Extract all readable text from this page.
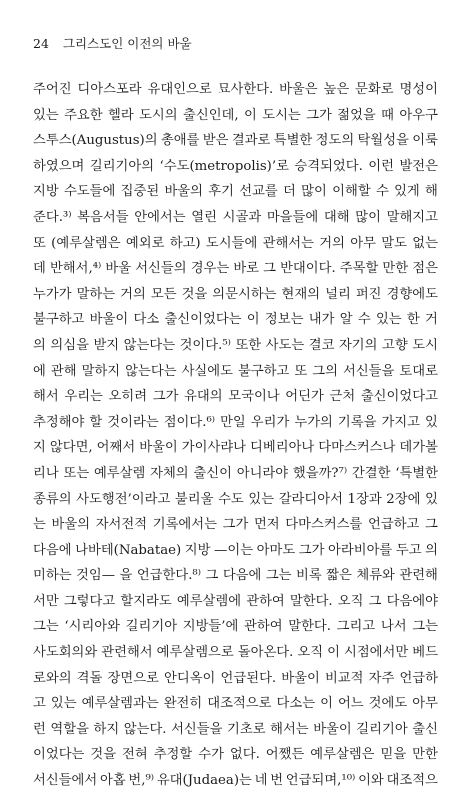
24 그리스도인 이전의 바울
주어진 디아스포라 유대인으로 묘사한다. 바울은 높은 문화로 명성이
있는 주요한 헬라 도시의 출신인데, 이 도시는 그가 젊었을 때 아우구
스투스(Augustus)의 총애를 받은 결과로 특별한 정도의 탁월성을 이룩
하였으며 길리기아의 ‘수도(metropolis)’로 승격되었다. 이런 발전은
지방 수도들에 집중된 바울의 후기 선교를 더 많이 이해할 수 있게 해
준다.³⁾ 복음서들 안에서는 열린 시골과 마을들에 대해 많이 말해지고
또 (예루살렘은 예외로 하고) 도시들에 관해서는 거의 아무 말도 없는
데 반해서,⁴⁾ 바울 서신들의 경우는 바로 그 반대이다. 주목할 만한 점은
누가가 말하는 거의 모든 것을 의문시하는 현재의 널리 퍼진 경향에도
불구하고 바울이 다소 출신이었다는 이 정보는 내가 알 수 있는 한 거
의 의심을 받지 않는다는 것이다.⁵⁾ 또한 사도는 결코 자기의 고향 도시
에 관해 말하지 않는다는 사실에도 불구하고 또 그의 서신들을 토대로
해서 우리는 오히려 그가 유대의 모국이나 어딘가 근처 출신이었다고
추정해야 할 것이라는 점이다.⁶⁾ 만일 우리가 누가의 기록을 가지고 있
지 않다면, 어째서 바울이 가이사랴나 디베리아나 다마스커스나 데가볼
리나 또는 예루살렘 자체의 출신이 아니라야 했을까?⁷⁾ 간결한 ‘특별한
종류의 사도행전’이라고 불리울 수도 있는 갈라디아서 1장과 2장에 있
는 바울의 자서전적 기록에서는 그가 먼저 다마스커스를 언급하고 그
다음에 나바테(Nabatae) 지방 —이는 아마도 그가 아라비아를 두고 의
미하는 것임— 을 언급한다.⁸⁾ 그 다음에 그는 비록 짧은 체류와 관련해
서만 그렇다고 할지라도 예루살렘에 관하여 말한다. 오직 그 다음에야
그는 ‘시리아와 길리기아 지방들’에 관하여 말한다. 그리고 나서 그는
사도회의와 관련해서 예루살렘으로 돌아온다. 오직 이 시점에서만 베드
로와의 격돌 장면으로 안디옥이 언급된다. 바울이 비교적 자주 언급하
고 있는 예루살렘과는 완전히 대조적으로 다소는 이 어느 것에도 아무
런 역할을 하지 않는다. 서신들을 기초로 해서는 바울이 길리기아 출신
이었다는 것을 전혀 추정할 수가 없다. 어쨌든 예루살렘은 믿을 만한
서신들에서 아홉 번,⁹⁾ 유대(Judaea)는 네 번 언급되며,¹⁰⁾ 이와 대조적으
